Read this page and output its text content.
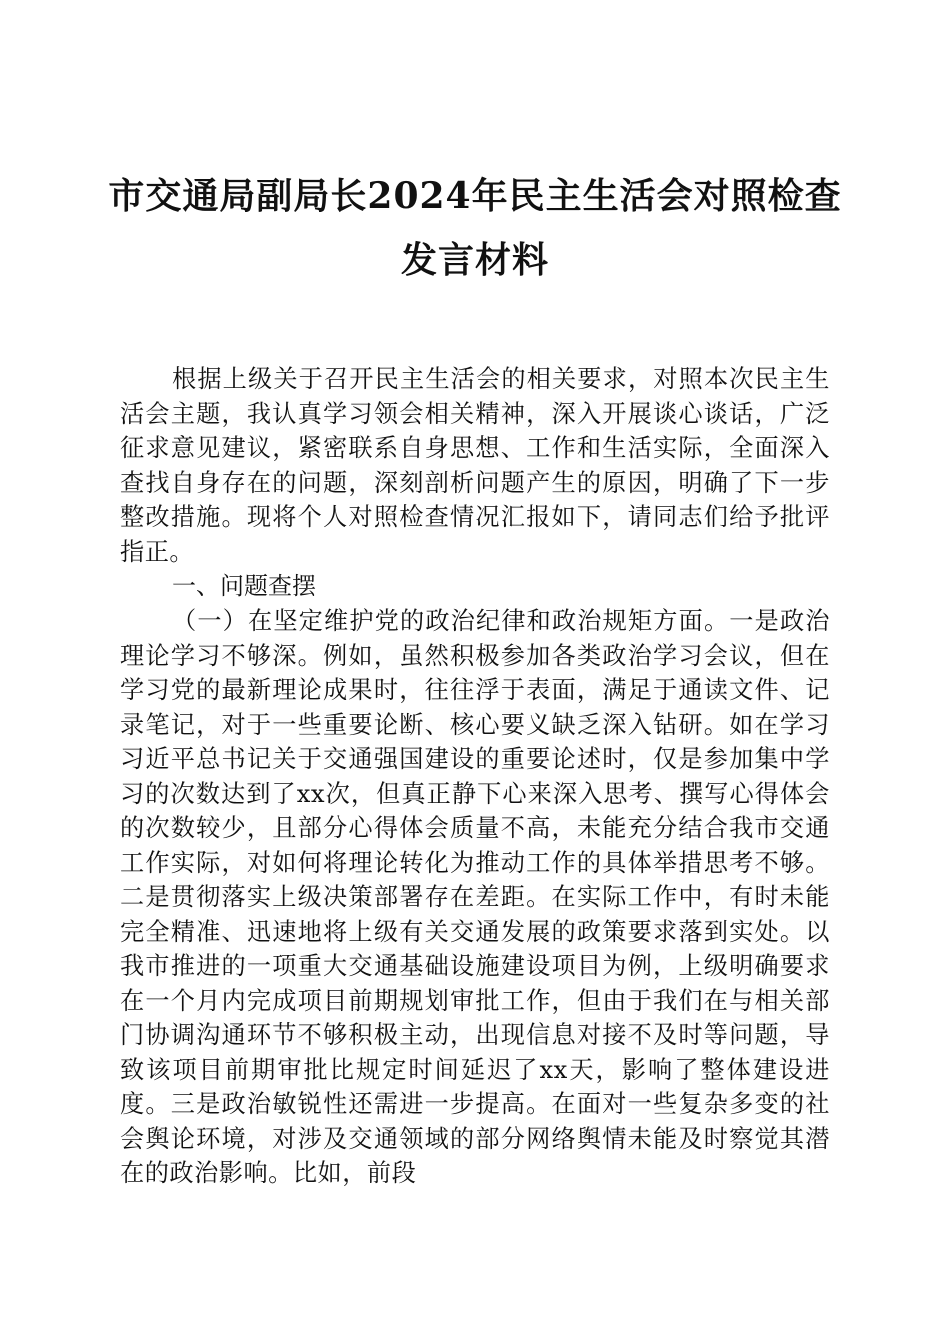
市交通局副局长2024年民主生活会对照检查
发言材料
根据上级关于召开民主生活会的相关要求，对照本次民主生活会主题，我认真学习领会相关精神，深入开展谈心谈话，广泛征求意见建议，紧密联系自身思想、工作和生活实际，全面深入查找自身存在的问题，深刻剖析问题产生的原因，明确了下一步整改措施。现将个人对照检查情况汇报如下，请同志们给予批评指正。
一、问题查摆
（一）在坚定维护党的政治纪律和政治规矩方面。一是政治理论学习不够深。例如，虽然积极参加各类政治学习会议，但在学习党的最新理论成果时，往往浮于表面，满足于通读文件、记录笔记，对于一些重要论断、核心要义缺乏深入钻研。如在学习习近平总书记关于交通强国建设的重要论述时，仅是参加集中学习的次数达到了xx次，但真正静下心来深入思考、撰写心得体会的次数较少，且部分心得体会质量不高，未能充分结合我市交通工作实际，对如何将理论转化为推动工作的具体举措思考不够。二是贯彻落实上级决策部署存在差距。在实际工作中，有时未能完全精准、迅速地将上级有关交通发展的政策要求落到实处。以我市推进的一项重大交通基础设施建设项目为例，上级明确要求在一个月内完成项目前期规划审批工作，但由于我们在与相关部门协调沟通环节不够积极主动，出现信息对接不及时等问题，导致该项目前期审批比规定时间延迟了xx天，影响了整体建设进度。三是政治敏锐性还需进一步提高。在面对一些复杂多变的社会舆论环境，对涉及交通领域的部分网络舆情未能及时察觉其潜在的政治影响。比如，前段
